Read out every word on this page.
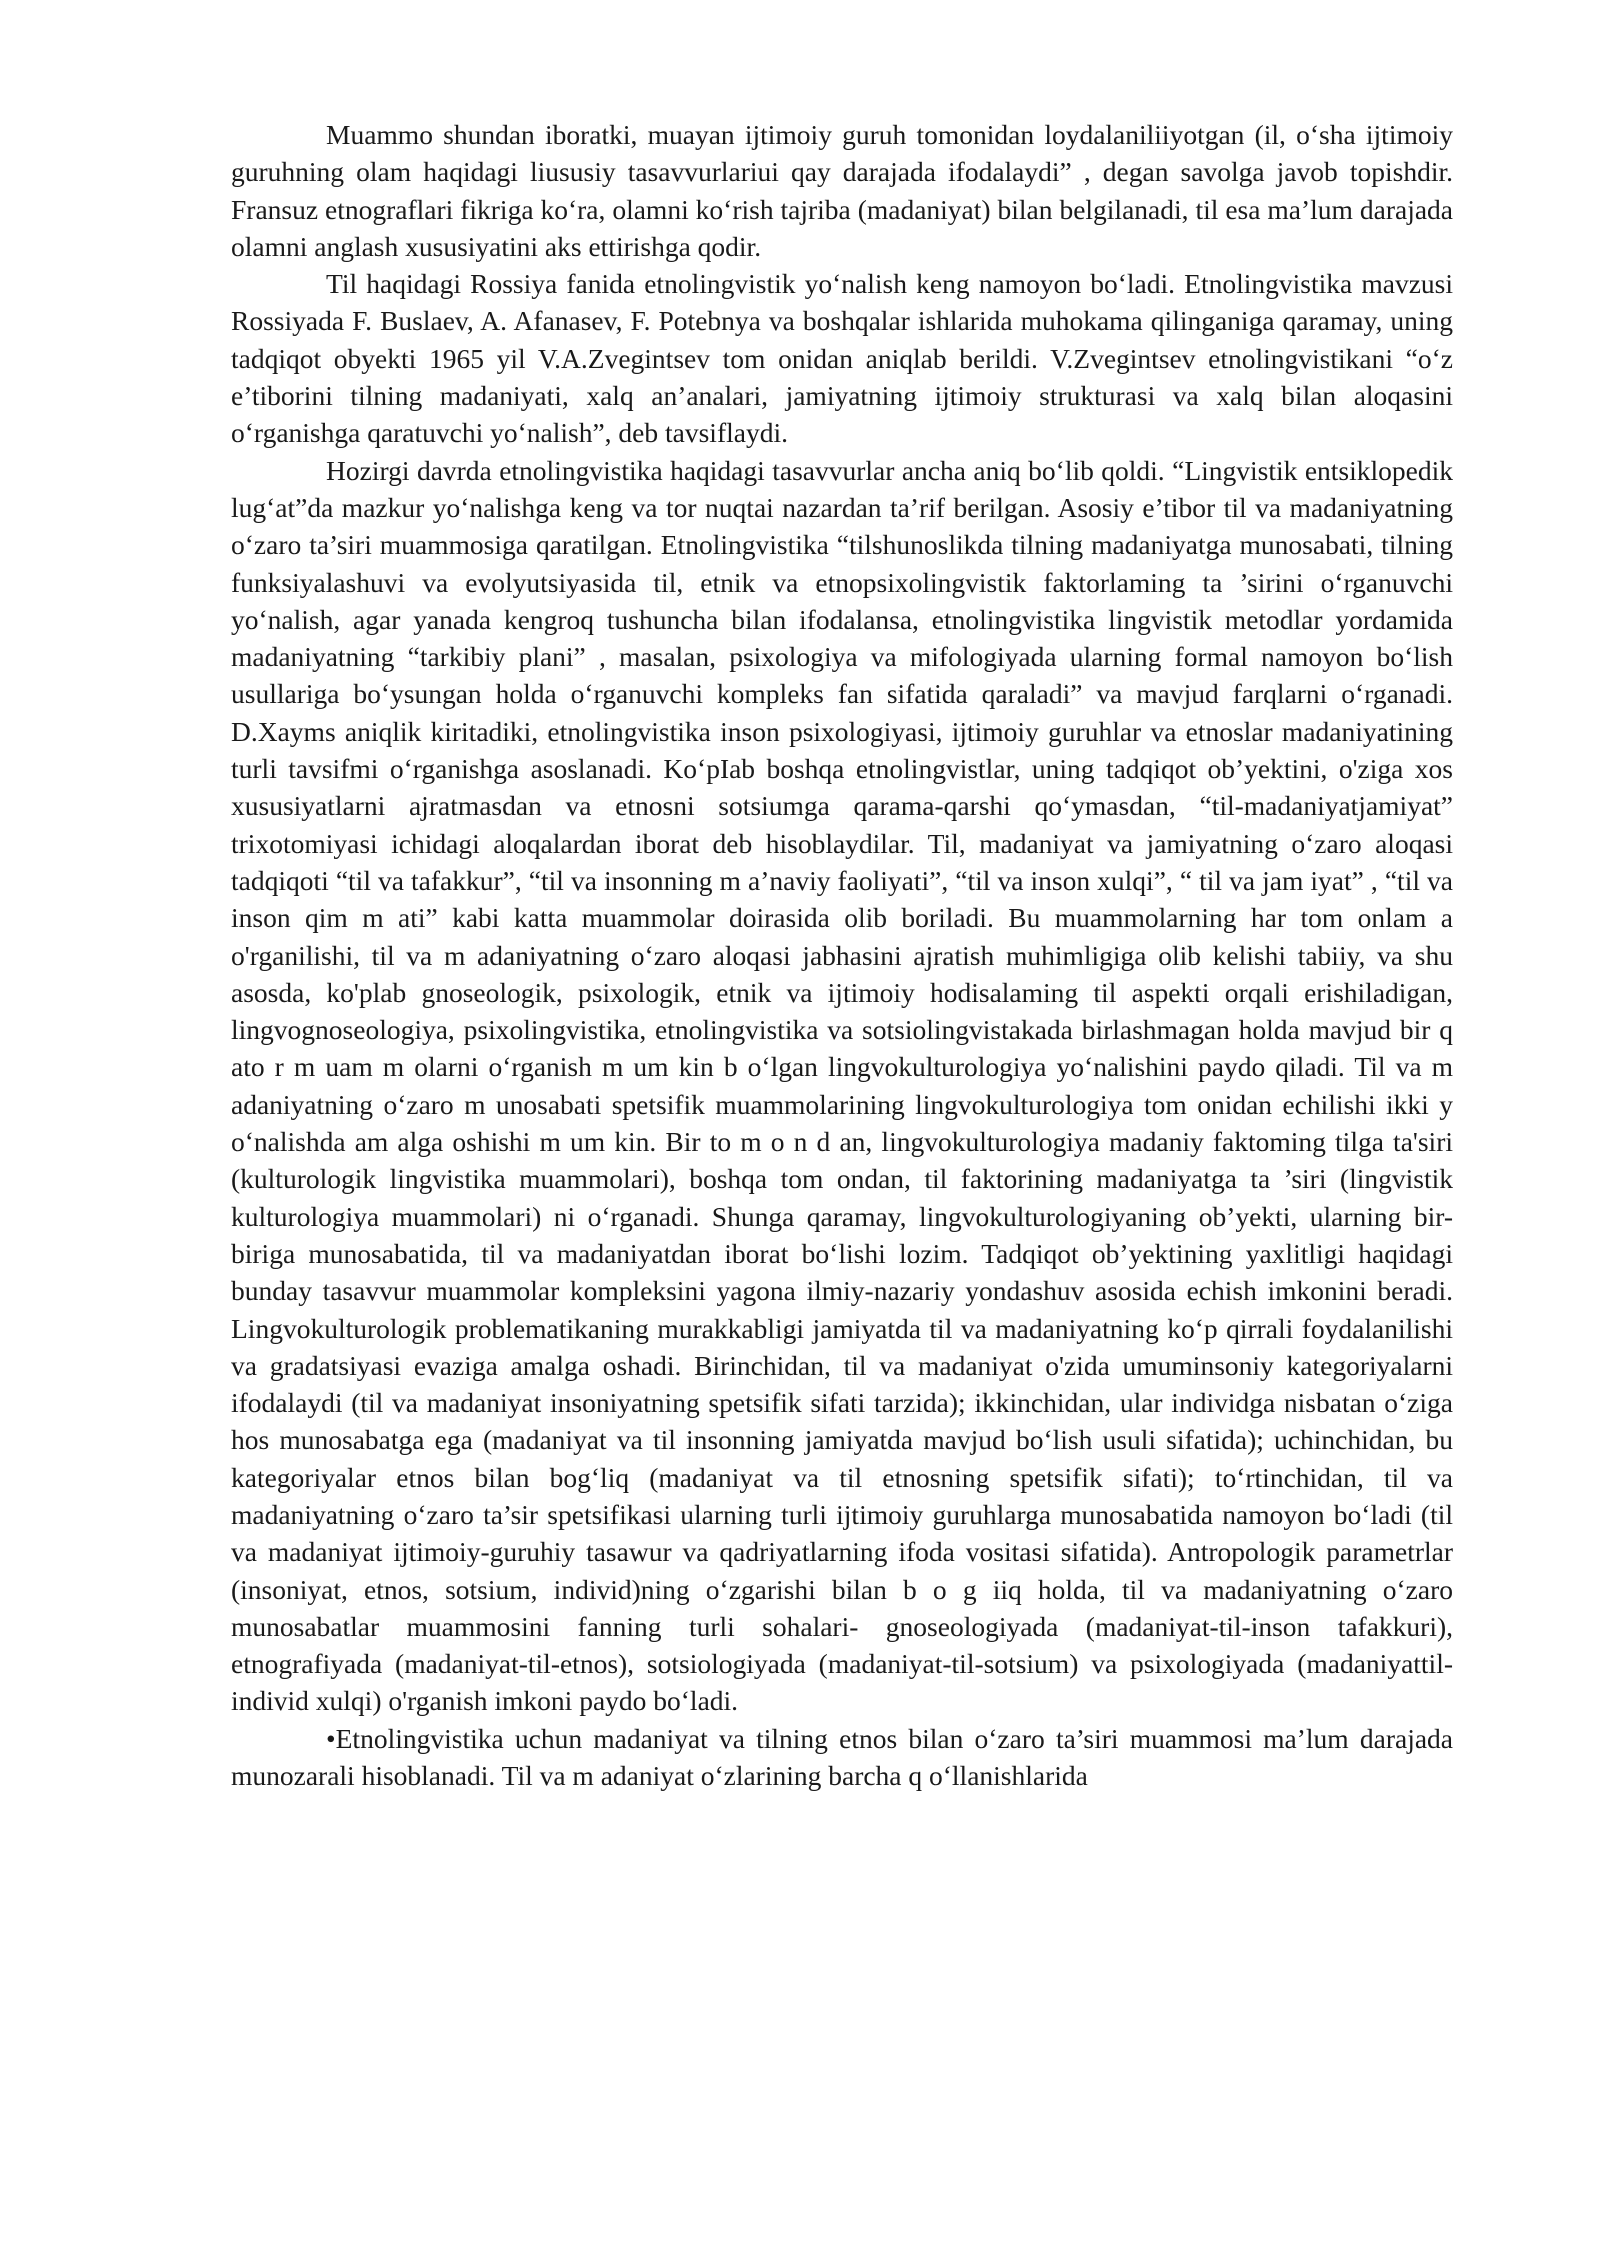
Muammo shundan iboratki, muayan ijtimoiy guruh tomonidan loydalaniliiyotgan (il, o‘sha ijtimoiy guruhning olam haqidagi liususiy tasavvurlariui qay darajada ifodalaydi” , degan savolga javob topishdir. Fransuz etnograflari fikriga ko‘ra, olamni ko‘rish tajriba (madaniyat) bilan belgilanadi, til esa ma’lum darajada olamni anglash xususiyatini aks ettirishga qodir.

Til haqidagi Rossiya fanida etnolingvistik yo‘nalish keng namoyon bo‘ladi. Etnolingvistika mavzusi Rossiyada F. Buslaev, A. Afanasev, F. Potebnya va boshqalar ishlarida muhokama qilinganiga qaramay, uning tadqiqot obyekti 1965 yil V.A.Zvegintsev tom onidan aniqlab berildi. V.Zvegintsev etnolingvistikani “o‘z e’tiborini tilning madaniyati, xalq an’analari, jamiyatning ijtimoiy strukturasi va xalq bilan aloqasini o‘rganishga qaratuvchi yo‘nalish”, deb tavsiflaydi.

Hozirgi davrda etnolingvistika haqidagi tasavvurlar ancha aniq bo‘lib qoldi. “Lingvistik entsiklopedik lug‘at”da mazkur yo‘nalishga keng va tor nuqtai nazardan ta’rif berilgan. Asosiy e’tibor til va madaniyatning o‘zaro ta’siri muammosiga qaratilgan. Etnolingvistika “tilshunoslikda tilning madaniyatga munosabati, tilning funksiyalashuvi va evolyutsiyasida til, etnik va etnopsixolingvistik faktorlaming ta ’sirini o‘rganuvchi yo‘nalish, agar yanada kengroq tushuncha bilan ifodalansa, etnolingvistika lingvistik metodlar yordamida madaniyatning “tarkibiy plani” , masalan, psixologiya va mifologiyada ularning formal namoyon bo‘lish usullariga bo‘ysungan holda o‘rganuvchi kompleks fan sifatida qaraladi” va mavjud farqlarni o‘rganadi. D.Xayms aniqlik kiritadiki, etnolingvistika inson psixologiyasi, ijtimoiy guruhlar va etnoslar madaniyatining turli tavsifmi o‘rganishga asoslanadi. Ko‘pIab boshqa etnolingvistlar, uning tadqiqot ob’yektini, o'ziga xos xususiyatlarni ajratmasdan va etnosni sotsiumga qarama-qarshi qo‘ymasdan, “til-madaniyatjamiyat” trixotomiyasi ichidagi aloqalardan iborat deb hisoblaydilar. Til, madaniyat va jamiyatning o‘zaro aloqasi tadqiqoti “til va tafakkur”, “til va insonning m a’naviy faoliyati”, “til va inson xulqi”, “ til va jam iyat” , “til va inson qim m ati” kabi katta muammolar doirasida olib boriladi. Bu muammolarning har tom onlam a o'rganilishi, til va m adaniyatning o‘zaro aloqasi jabhasini ajratish muhimligiga olib kelishi tabiiy, va shu asosda, ko'plab gnoseologik, psixologik, etnik va ijtimoiy hodisalaming til aspekti orqali erishiladigan, lingvognoseologiya, psixolingvistika, etnolingvistika va sotsiolingvistakada birlashmagan holda mavjud bir q ato r m uam m olarni o‘rganish m um kin b o‘lgan lingvokulturologiya yo‘nalishini paydo qiladi. Til va m adaniyatning o‘zaro m unosabati spetsifik muammolarining lingvokulturologiya tom onidan echilishi ikki y o‘nalishda am alga oshishi m um kin. Bir to m o n d an, lingvokulturologiya madaniy faktoming tilga ta'siri (kulturologik lingvistika muammolari), boshqa tom ondan, til faktorining madaniyatga ta ’siri (lingvistik kulturologiya muammolari) ni o‘rganadi. Shunga qaramay, lingvokulturologiyaning ob’yekti, ularning bir-biriga munosabatida, til va madaniyatdan iborat bo‘lishi lozim. Tadqiqot ob’yektining yaxlitligi haqidagi bunday tasavvur muammolar kompleksini yagona ilmiy-nazariy yondashuv asosida echish imkonini beradi. Lingvokulturologik problematikaning murakkabligi jamiyatda til va madaniyatning ko‘p qirrali foydalanilishi va gradatsiyasi evaziga amalga oshadi. Birinchidan, til va madaniyat o'zida umuminsoniy kategoriyalarni ifodalaydi (til va madaniyat insoniyatning spetsifik sifati tarzida); ikkinchidan, ular individga nisbatan o‘ziga hos munosabatga ega (madaniyat va til insonning jamiyatda mavjud bo‘lish usuli sifatida); uchinchidan, bu kategoriyalar etnos bilan bog‘liq (madaniyat va til etnosning spetsifik sifati); to‘rtinchidan, til va madaniyatning o‘zaro ta’sir spetsifikasi ularning turli ijtimoiy guruhlarga munosabatida namoyon bo‘ladi (til va madaniyat ijtimoiy-guruhiy tasawur va qadriyatlarning ifoda vositasi sifatida). Antropologik parametrlar (insoniyat, etnos, sotsium, individ)ning o‘zgarishi bilan b o g iiq holda, til va madaniyatning o‘zaro munosabatlar muammosini fanning turli sohalari- gnoseologiyada (madaniyat-til-inson tafakkuri), etnografiyada (madaniyat-til-etnos), sotsiologiyada (madaniyat-til-sotsium) va psixologiyada (madaniyattil-individ xulqi) o'rganish imkoni paydo bo‘ladi.

•Etnolingvistika uchun madaniyat va tilning etnos bilan o‘zaro ta’siri muammosi ma’lum darajada munozarali hisoblanadi. Til va m adaniyat o‘zlarining barcha q o‘llanishlarida
